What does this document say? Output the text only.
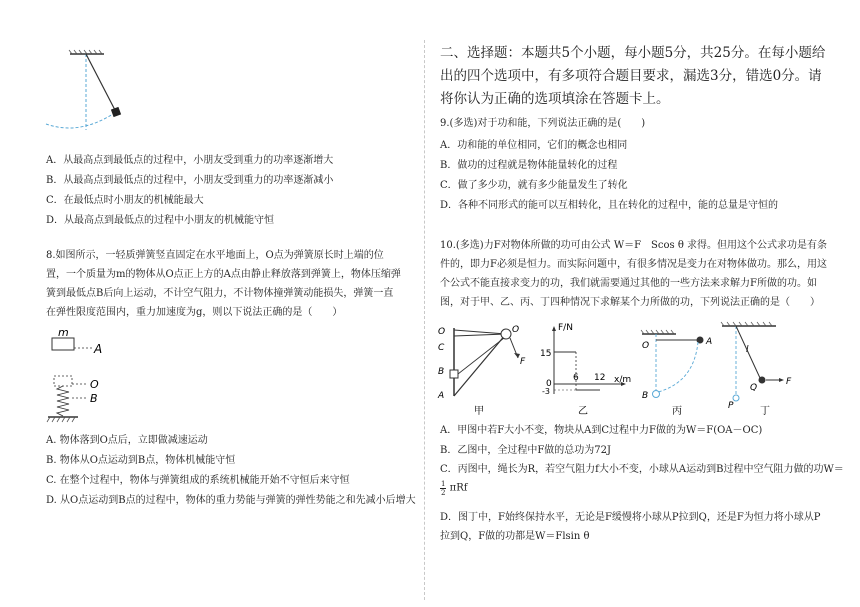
A．从最高点到最低点的过程中，小朋友受到重力的功率逐渐增大
B．从最高点到最低点的过程中，小朋友受到重力的功率逐渐减小
C．在最低点时小朋友的机械能最大
D．从最高点到最低点的过程中小朋友的机械能守恒
8.如图所示，一轻质弹簧竖直固定在水平地面上，O点为弹簧原长时上端的位置，一个质量为m的物体从O点正上方的A点由静止释放落到弹簧上，物体压缩弹簧到最低点B后向上运动，不计空气阻力，不计物体撞弹簧动能损失，弹簧一直在弹性限度范围内，重力加速度为g，则以下说法正确的是（　　）
m
A
O
B
A. 物体落到O点后，立即做减速运动
B. 物体从O点运动到B点，物体机械能守恒
C. 在整个过程中，物体与弹簧组成的系统机械能开始不守恒后来守恒
D. 从O点运动到B点的过程中，物体的重力势能与弹簧的弹性势能之和先减小后增大
二、选择题：本题共5个小题，每小题5分，共25分。在每小题给出的四个选项中，有多项符合题目要求，漏选3分，错选0分。请将你认为正确的选项填涂在答题卡上。
9.(多选)对于功和能，下列说法正确的是(　　)
A．功和能的单位相同，它们的概念也相同
B．做功的过程就是物体能量转化的过程
C．做了多少功，就有多少能量发生了转化
D．各种不同形式的能可以互相转化，且在转化的过程中，能的总量是守恒的
10.(多选)力F对物体所做的功可由公式 W＝F　Scos θ 求得。但用这个公式求功是有条件的，即力F必须是恒力。而实际问题中，有很多情况是变力在对物体做功。那么，用这个公式不能直接求变力的功，我们就需要通过其他的一些方法来求解力F所做的功。如图，对于甲、乙、丙、丁四种情况下求解某个力所做的功，下列说法正确的是（　　）
O
C
B
A
O
F
甲
F/N
15
0
-3
6 12 x/m
乙
O	A
B
丙
l
Q
F
P	丁
A．甲图中若F大小不变，物块从A到C过程中力F做的为W＝F(OA－OC)
B．乙图中，全过程中F做的总功为72J
C．丙图中，绳长为R，若空气阻力f大小不变，小球从A运动到B过程中空气阻力做的功W＝
$\frac{1}{2}$ πRf
D．图丁中，F始终保持水平，无论是F缓慢将小球从P拉到Q，还是F为恒力将小球从P拉到Q，F做的功都是W＝Flsin θ
